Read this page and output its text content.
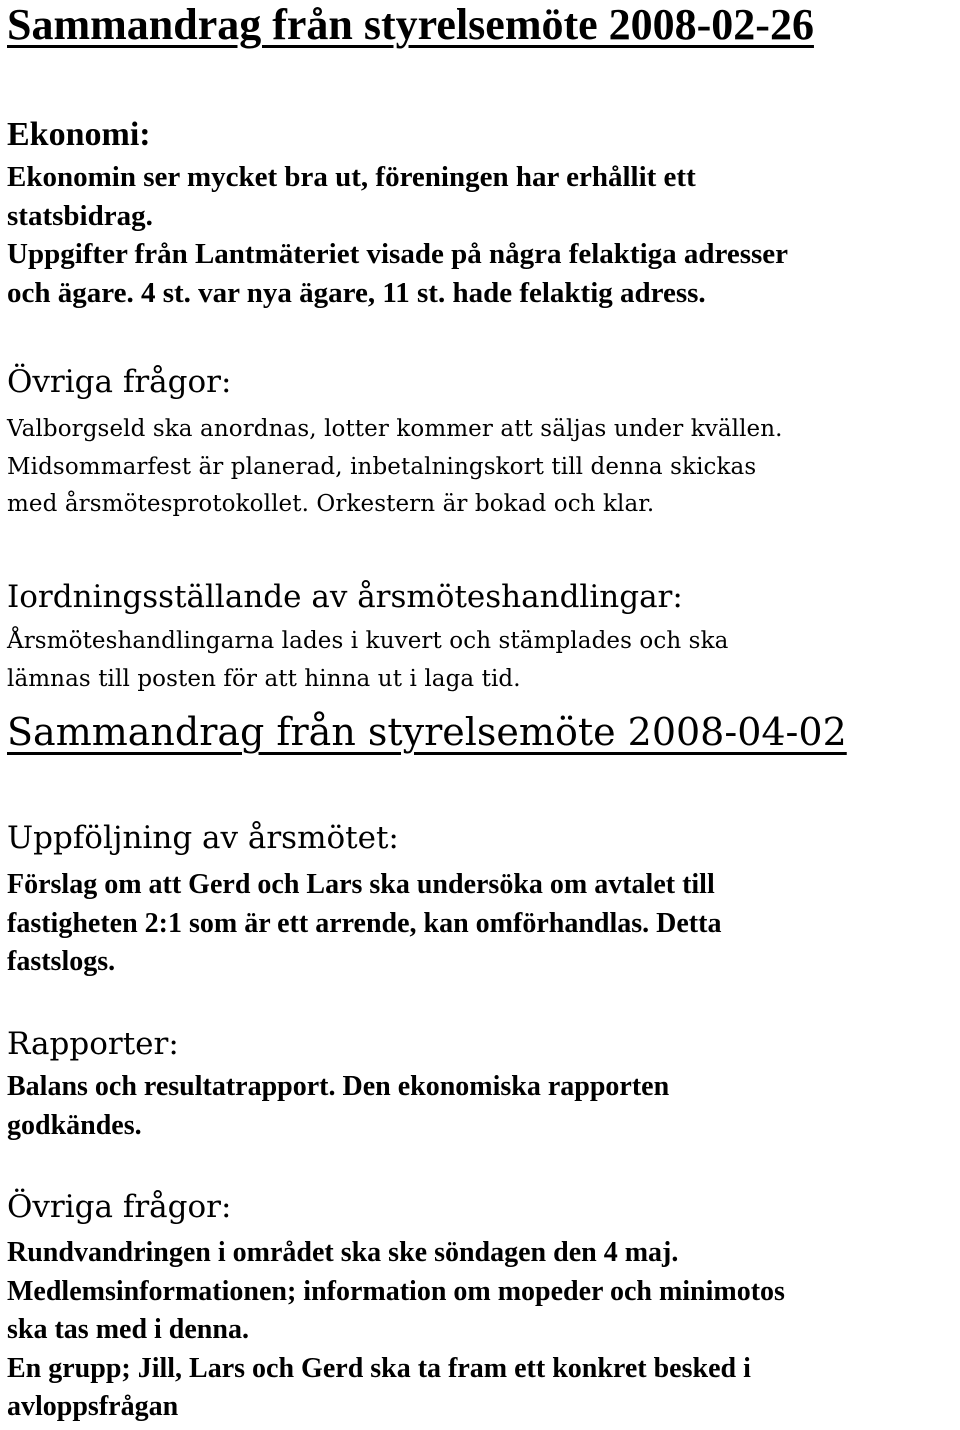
Sammandrag från styrelsemöte 2008-02-26
Ekonomi:
Ekonomin ser mycket bra ut, föreningen har erhållit ett
statsbidrag.
Uppgifter från Lantmäteriet visade på några felaktiga adresser
och ägare. 4 st. var nya ägare, 11 st. hade felaktig adress.
Övriga frågor:
Valborgseld ska anordnas, lotter kommer att säljas under kvällen.
Midsommarfest är planerad, inbetalningskort till denna skickas
med årsmötesprotokollet. Orkestern är bokad och klar.
Iordningsställande av årsmöteshandlingar:
Årsmöteshandlingarna lades i kuvert och stämplades och ska
lämnas till posten för att hinna ut i laga tid.
Sammandrag från styrelsemöte 2008-04-02
Uppföljning av årsmötet:
Förslag om att Gerd och Lars ska undersöka om avtalet till
fastigheten 2:1 som är ett arrende, kan omförhandlas. Detta
fastslogs.
Rapporter:
Balans och resultatrapport. Den ekonomiska rapporten
godkändes.
Övriga frågor:
Rundvandringen i området ska ske söndagen den 4 maj.
Medlemsinformationen; information om mopeder och minimotos
ska tas med i denna.
En grupp; Jill, Lars och Gerd ska ta fram ett konkret besked i
avloppsfrågan
